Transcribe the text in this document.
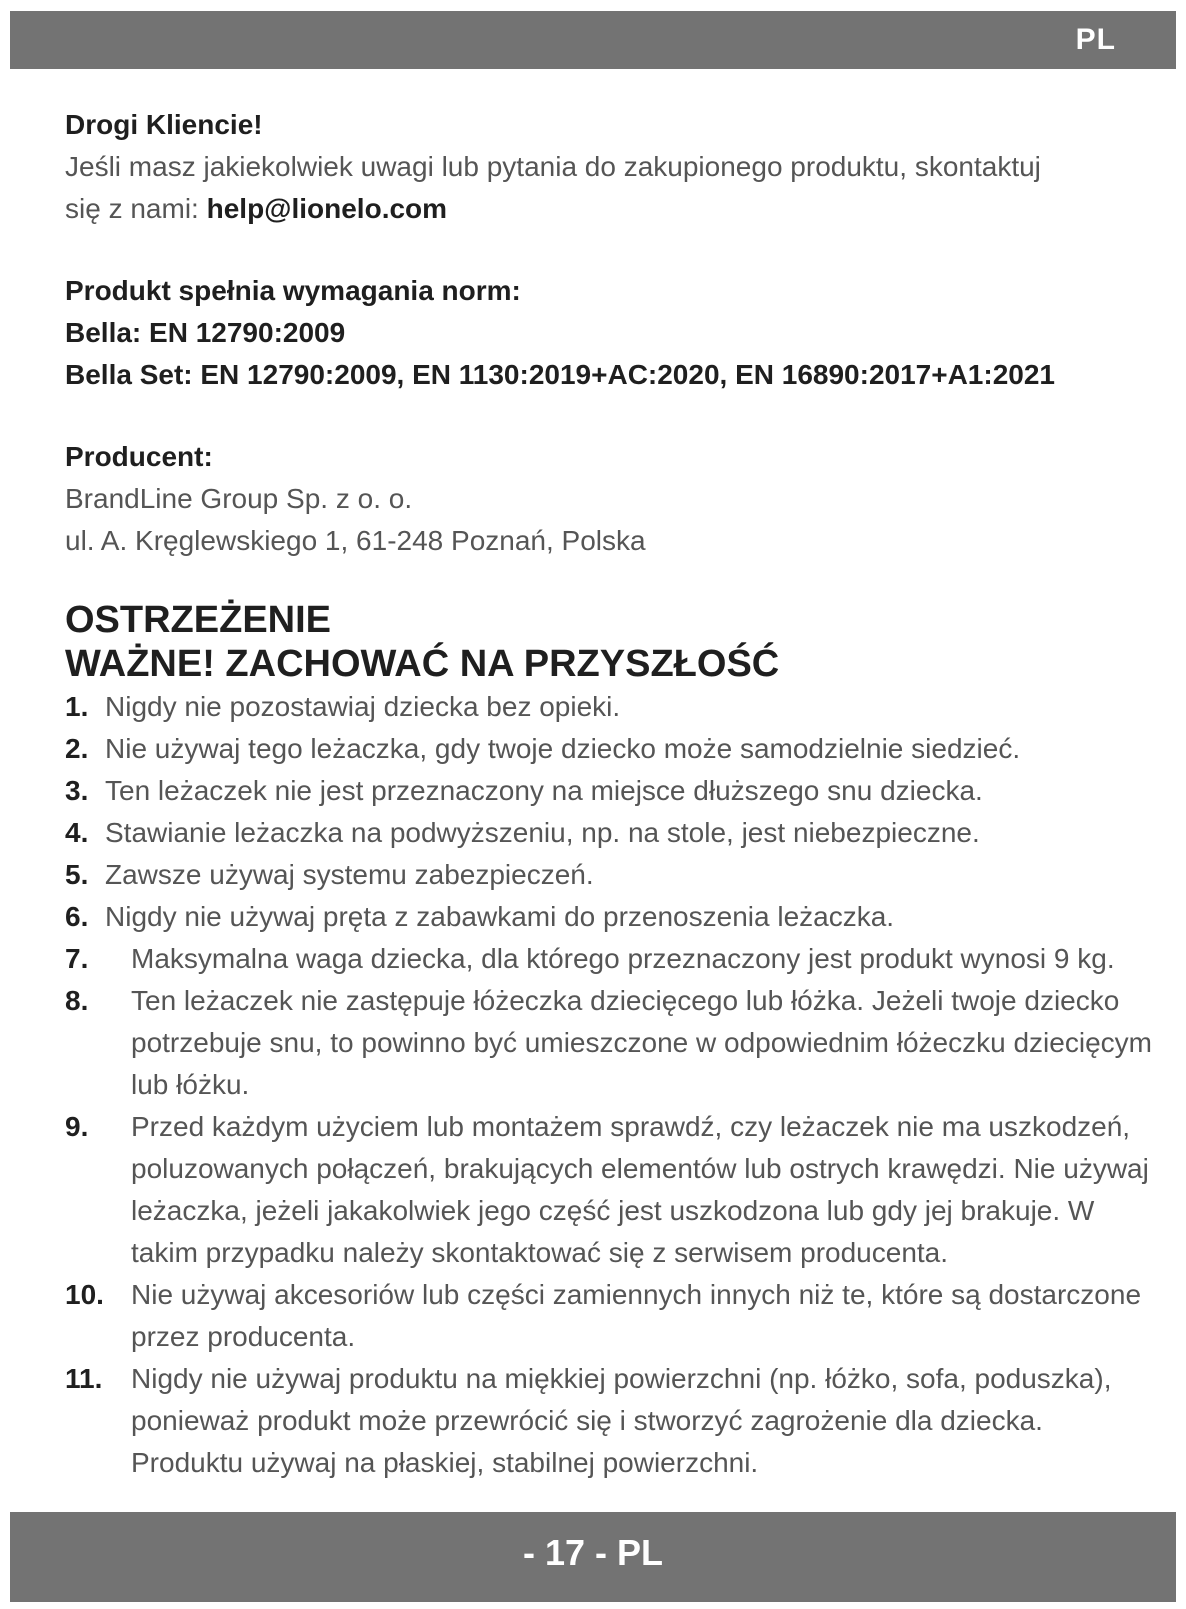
PL

Drogi Kliencie!

Jeśli masz jakiekolwiek uwagi lub pytania do zakupionego produktu, skontaktuj

się z nami: help@lionelo.com

Produkt spełnia wymagania norm:

Bella: EN 12790:2009

Bella Set: EN 12790:2009, EN 1130:2019+AC:2020, EN 16890:2017+A1:2021

Producent:

BrandLine Group Sp. z o. o.

ul. A. Kręglewskiego 1, 61-248 Poznań, Polska

OSTRZEŻENIE

WAŻNE! ZACHOWAĆ NA PRZYSZŁOŚĆ

1. Nigdy nie pozostawiaj dziecka bez opieki.
2. Nie używaj tego leżaczka, gdy twoje dziecko może samodzielnie siedzieć.
3. Ten leżaczek nie jest przeznaczony na miejsce dłuższego snu dziecka.
4. Stawianie leżaczka na podwyższeniu, np. na stole, jest niebezpieczne.
5. Zawsze używaj systemu zabezpieczeń.
6. Nigdy nie używaj pręta z zabawkami do przenoszenia leżaczka.
7.	Maksymalna waga dziecka, dla którego przeznaczony jest produkt wynosi 9 kg.
8.	Ten leżaczek nie zastępuje łóżeczka dziecięcego lub łóżka. Jeżeli twoje dziecko potrzebuje snu, to powinno być umieszczone w odpowiednim łóżeczku dziecięcym lub łóżku.
9.	Przed każdym użyciem lub montażem sprawdź, czy leżaczek nie ma uszkodzeń, poluzowanych połączeń, brakujących elementów lub ostrych krawędzi. Nie używaj leżaczka, jeżeli jakakolwiek jego część jest uszkodzona lub gdy jej brakuje. W takim przypadku należy skontaktować się z serwisem producenta.
10. Nie używaj akcesoriów lub części zamiennych innych niż te, które są dostarczone przez producenta.
11.	Nigdy nie używaj produktu na miękkiej powierzchni (np. łóżko, sofa, poduszka), ponieważ produkt może przewrócić się i stworzyć zagrożenie dla dziecka. Produktu używaj na płaskiej, stabilnej powierzchni.
- 17 - PL
